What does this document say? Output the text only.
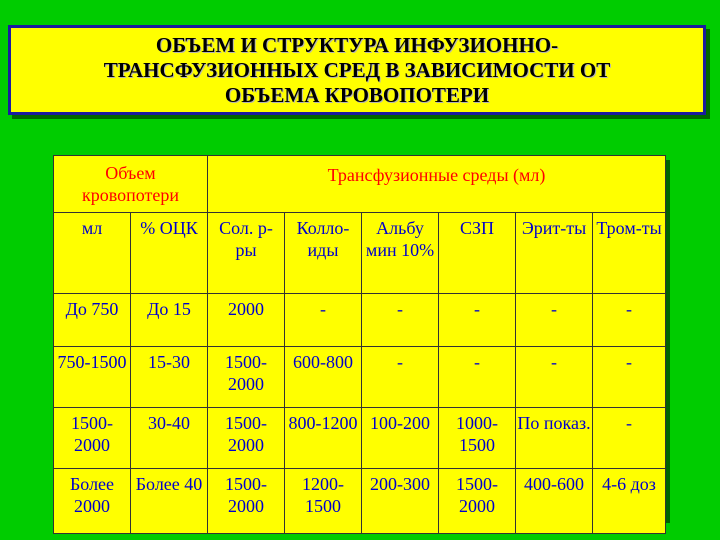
ОБЪЕМ И СТРУКТУРА ИНФУЗИОННО-
ТРАНСФУЗИОННЫХ СРЕД В ЗАВИСИМОСТИ ОТ
ОБЪЕМА КРОВОПОТЕРИ
Объем кровопотери		Трансфузионные среды (мл)					
мл	% ОЦК	Сол. р-ры	Колло-иды	Альбу мин 10%	СЗП	Эрит-ты	Тром-ты
До 750	До 15	2000	-	-	-	-	-
750-1500	15-30	1500-2000	600-800	-	-	-	-
1500-2000	30-40	1500-2000	800-1200	100-200	1000-1500	По показ.	-
Более 2000	Более 40	1500-2000	1200-1500	200-300	1500-2000	400-600	4-6 доз
